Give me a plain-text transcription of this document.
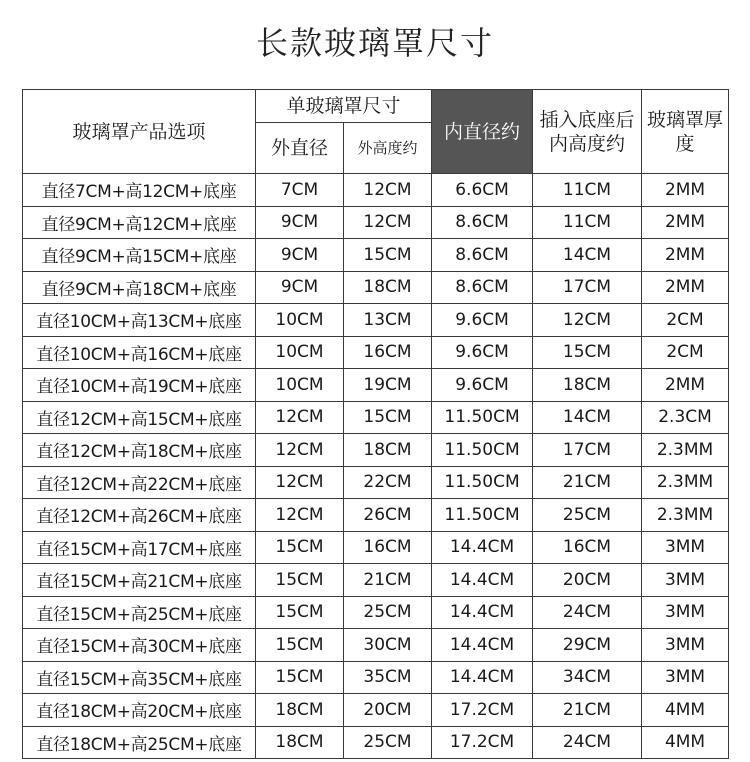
长款玻璃罩尺寸
玻璃罩产品选项	单玻璃罩尺寸		内直径约	插入底座后内高度约	玻璃罩厚度
	外直径	外高度约			
直径7CM+高12CM+底座	7CM	12CM	6.6CM	11CM	2MM
直径9CM+高12CM+底座	9CM	12CM	8.6CM	11CM	2MM
直径9CM+高15CM+底座	9CM	15CM	8.6CM	14CM	2MM
直径9CM+高18CM+底座	9CM	18CM	8.6CM	17CM	2MM
直径10CM+高13CM+底座	10CM	13CM	9.6CM	12CM	2CM
直径10CM+高16CM+底座	10CM	16CM	9.6CM	15CM	2CM
直径10CM+高19CM+底座	10CM	19CM	9.6CM	18CM	2MM
直径12CM+高15CM+底座	12CM	15CM	11.50CM	14CM	2.3CM
直径12CM+高18CM+底座	12CM	18CM	11.50CM	17CM	2.3MM
直径12CM+高22CM+底座	12CM	22CM	11.50CM	21CM	2.3MM
直径12CM+高26CM+底座	12CM	26CM	11.50CM	25CM	2.3MM
直径15CM+高17CM+底座	15CM	16CM	14.4CM	16CM	3MM
直径15CM+高21CM+底座	15CM	21CM	14.4CM	20CM	3MM
直径15CM+高25CM+底座	15CM	25CM	14.4CM	24CM	3MM
直径15CM+高30CM+底座	15CM	30CM	14.4CM	29CM	3MM
直径15CM+高35CM+底座	15CM	35CM	14.4CM	34CM	3MM
直径18CM+高20CM+底座	18CM	20CM	17.2CM	21CM	4MM
直径18CM+高25CM+底座	18CM	25CM	17.2CM	24CM	4MM
